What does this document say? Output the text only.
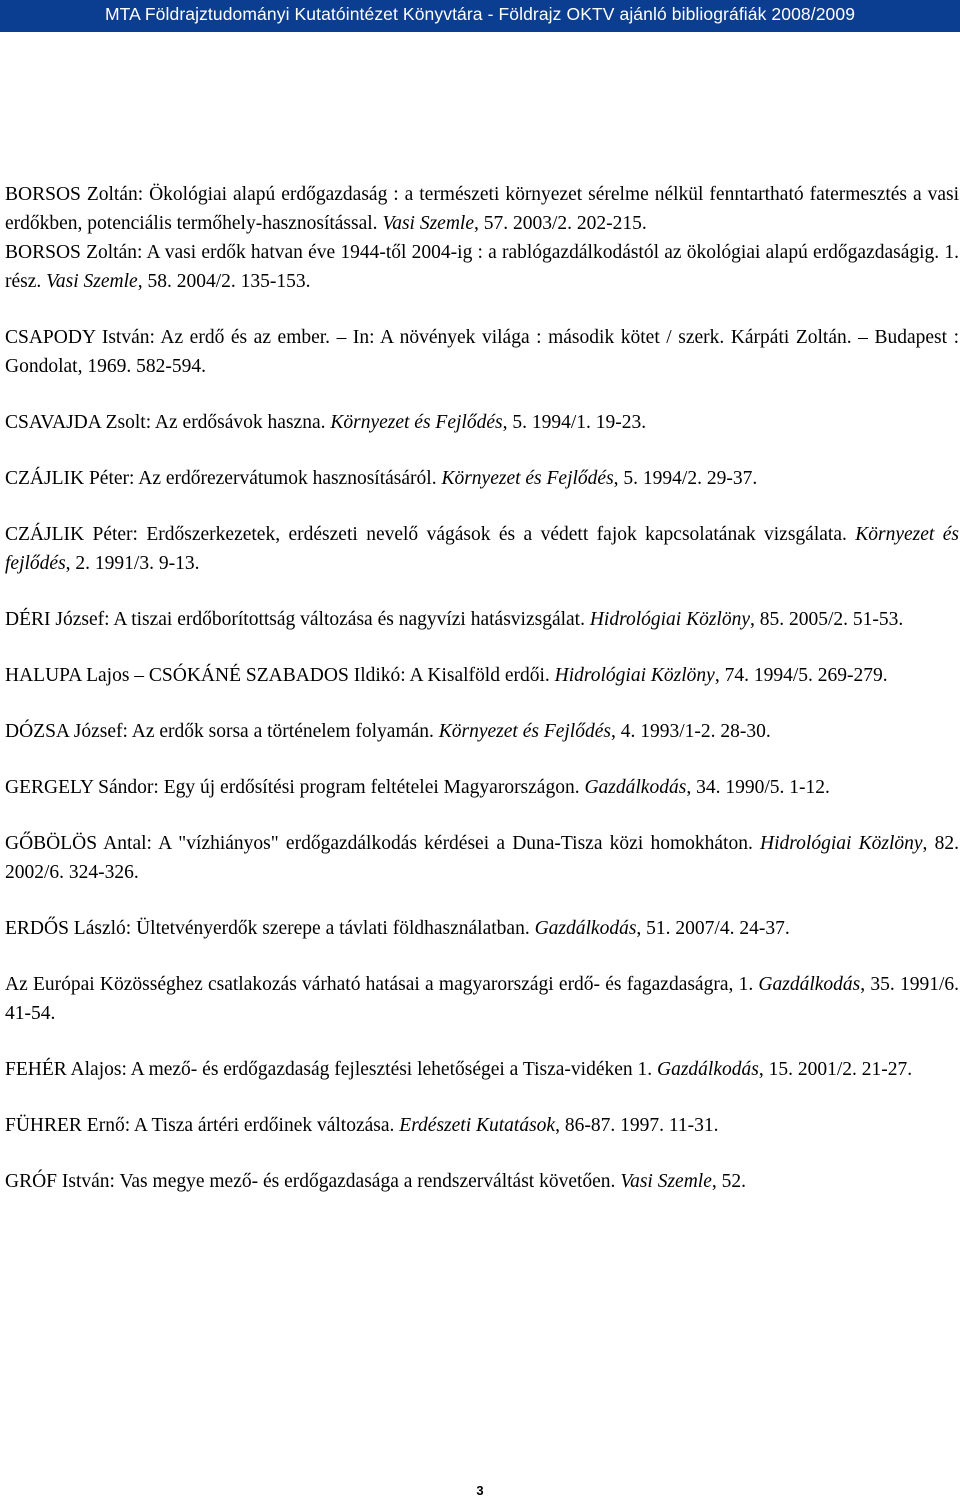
MTA Földrajztudományi Kutatóintézet Könyvtára - Földrajz OKTV ajánló bibliográfiák 2008/2009

BORSOS Zoltán: Ökológiai alapú erdőgazdaság : a természeti környezet sérelme nélkül fenntartható fatermesztés a vasi erdőkben, potenciális termőhely-hasznosítással. Vasi Szemle, 57. 2003/2. 202-215.

BORSOS Zoltán: A vasi erdők hatvan éve 1944-től 2004-ig : a rablógazdálkodástól az ökológiai alapú erdőgazdaságig. 1. rész. Vasi Szemle, 58. 2004/2. 135-153.

CSAPODY István: Az erdő és az ember. – In: A növények világa : második kötet / szerk. Kárpáti Zoltán. – Budapest : Gondolat, 1969. 582-594.

CSAVAJDA Zsolt: Az erdősávok haszna. Környezet és Fejlődés, 5. 1994/1. 19-23.

CZÁJLIK Péter: Az erdőrezervátumok hasznosításáról. Környezet és Fejlődés, 5. 1994/2. 29-37.

CZÁJLIK Péter: Erdőszerkezetek, erdészeti nevelő vágások és a védett fajok kapcsolatának vizsgálata. Környezet és fejlődés, 2. 1991/3. 9-13.

DÉRI József: A tiszai erdőborítottság változása és nagyvízi hatásvizsgálat. Hidrológiai Közlöny, 85. 2005/2. 51-53.

HALUPA Lajos – CSÓKÁNÉ SZABADOS Ildikó: A Kisalföld erdői. Hidrológiai Közlöny, 74. 1994/5. 269-279.

DÓZSA József: Az erdők sorsa a történelem folyamán. Környezet és Fejlődés, 4. 1993/1-2. 28-30.

GERGELY Sándor: Egy új erdősítési program feltételei Magyarországon. Gazdálkodás, 34. 1990/5. 1-12.

GŐBÖLÖS Antal: A "vízhiányos" erdőgazdálkodás kérdései a Duna-Tisza közi homokháton. Hidrológiai Közlöny, 82. 2002/6. 324-326.

ERDŐS László: Ültetvényerdők szerepe a távlati földhasználatban. Gazdálkodás, 51. 2007/4. 24-37.

Az Európai Közösséghez csatlakozás várható hatásai a magyarországi erdő- és fagazdaságra, 1. Gazdálkodás, 35. 1991/6. 41-54.

FEHÉR Alajos: A mező- és erdőgazdaság fejlesztési lehetőségei a Tisza-vidéken 1. Gazdálkodás, 15. 2001/2. 21-27.

FÜHRER Ernő: A Tisza ártéri erdőinek változása. Erdészeti Kutatások, 86-87. 1997. 11-31.

GRÓF István: Vas megye mező- és erdőgazdasága a rendszerváltást követően. Vasi Szemle, 52.

3
